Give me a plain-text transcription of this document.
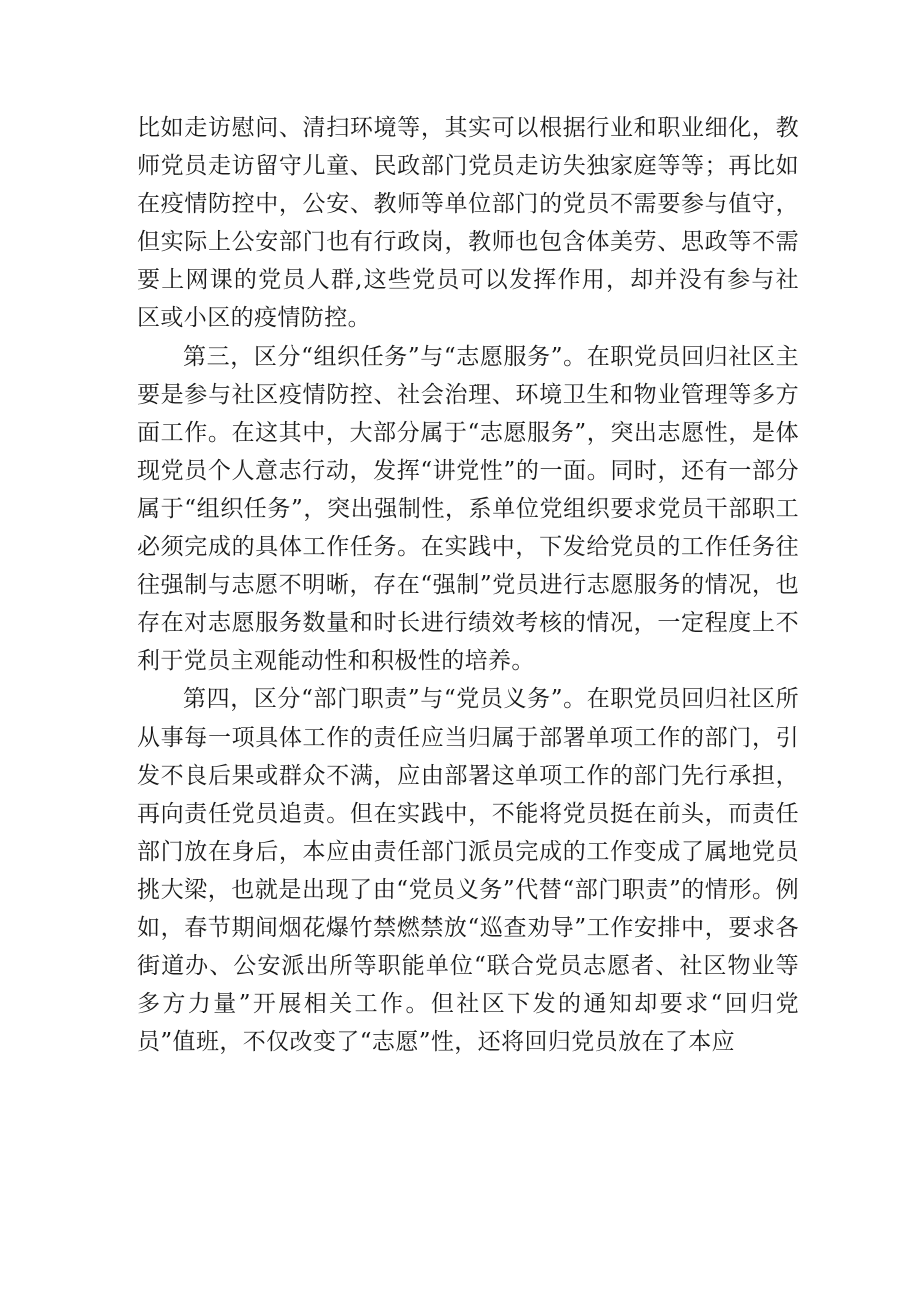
比如走访慰问、清扫环境等，其实可以根据行业和职业细化，教师党员走访留守儿童、民政部门党员走访失独家庭等等；再比如在疫情防控中，公安、教师等单位部门的党员不需要参与值守，但实际上公安部门也有行政岗，教师也包含体美劳、思政等不需要上网课的党员人群,这些党员可以发挥作用，却并没有参与社区或小区的疫情防控。

第三，区分“组织任务”与“志愿服务”。在职党员回归社区主要是参与社区疫情防控、社会治理、环境卫生和物业管理等多方面工作。在这其中，大部分属于“志愿服务”，突出志愿性，是体现党员个人意志行动，发挥“讲党性”的一面。同时，还有一部分属于“组织任务”，突出强制性，系单位党组织要求党员干部职工必须完成的具体工作任务。在实践中，下发给党员的工作任务往往强制与志愿不明晰，存在“强制”党员进行志愿服务的情况，也存在对志愿服务数量和时长进行绩效考核的情况，一定程度上不利于党员主观能动性和积极性的培养。

第四，区分“部门职责”与“党员义务”。在职党员回归社区所从事每一项具体工作的责任应当归属于部署单项工作的部门，引发不良后果或群众不满，应由部署这单项工作的部门先行承担，再向责任党员追责。但在实践中，不能将党员挺在前头，而责任部门放在身后，本应由责任部门派员完成的工作变成了属地党员挑大梁，也就是出现了由“党员义务”代替“部门职责”的情形。例如，春节期间烟花爆竹禁燃禁放“巡查劝导”工作安排中，要求各街道办、公安派出所等职能单位“联合党员志愿者、社区物业等多方力量”开展相关工作。但社区下发的通知却要求“回归党员”值班，不仅改变了“志愿”性，还将回归党员放在了本应
